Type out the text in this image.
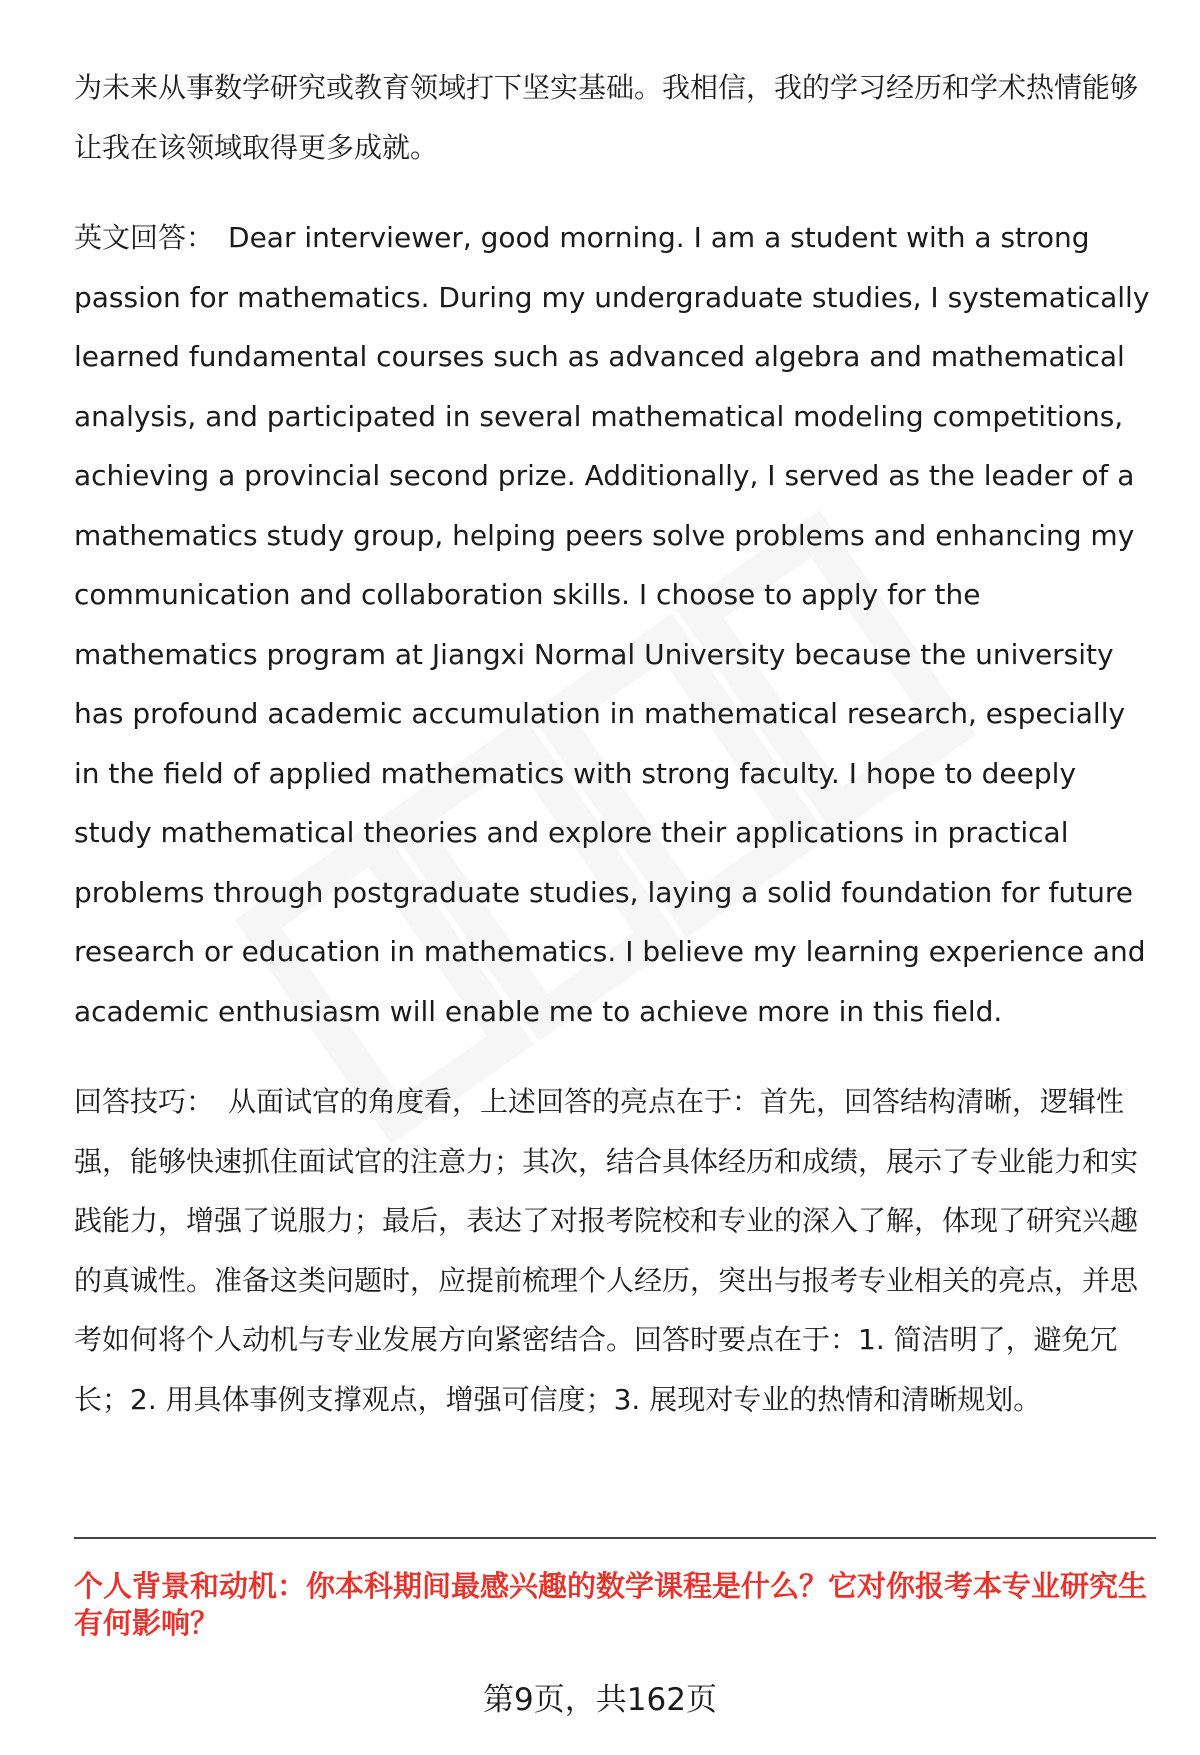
为未来从事数学研究或教育领域打下坚实基础。我相信，我的学习经历和学术热情能够让我在该领域取得更多成就。

英文回答： Dear interviewer, good morning. I am a student with a strong passion for mathematics. During my undergraduate studies, I systematically learned fundamental courses such as advanced algebra and mathematical analysis, and participated in several mathematical modeling competitions, achieving a provincial second prize. Additionally, I served as the leader of a mathematics study group, helping peers solve problems and enhancing my communication and collaboration skills. I choose to apply for the mathematics program at Jiangxi Normal University because the university has profound academic accumulation in mathematical research, especially in the field of applied mathematics with strong faculty. I hope to deeply study mathematical theories and explore their applications in practical problems through postgraduate studies, laying a solid foundation for future research or education in mathematics. I believe my learning experience and academic enthusiasm will enable me to achieve more in this field.

回答技巧： 从面试官的角度看，上述回答的亮点在于：首先，回答结构清晰，逻辑性强，能够快速抓住面试官的注意力；其次，结合具体经历和成绩，展示了专业能力和实践能力，增强了说服力；最后，表达了对报考院校和专业的深入了解，体现了研究兴趣的真诚性。准备这类问题时，应提前梳理个人经历，突出与报考专业相关的亮点，并思考如何将个人动机与专业发展方向紧密结合。回答时要点在于：1. 简洁明了，避免冗长；2. 用具体事例支撑观点，增强可信度；3. 展现对专业的热情和清晰规划。

个人背景和动机：你本科期间最感兴趣的数学课程是什么？它对你报考本专业研究生有何影响？

第9页，共162页
